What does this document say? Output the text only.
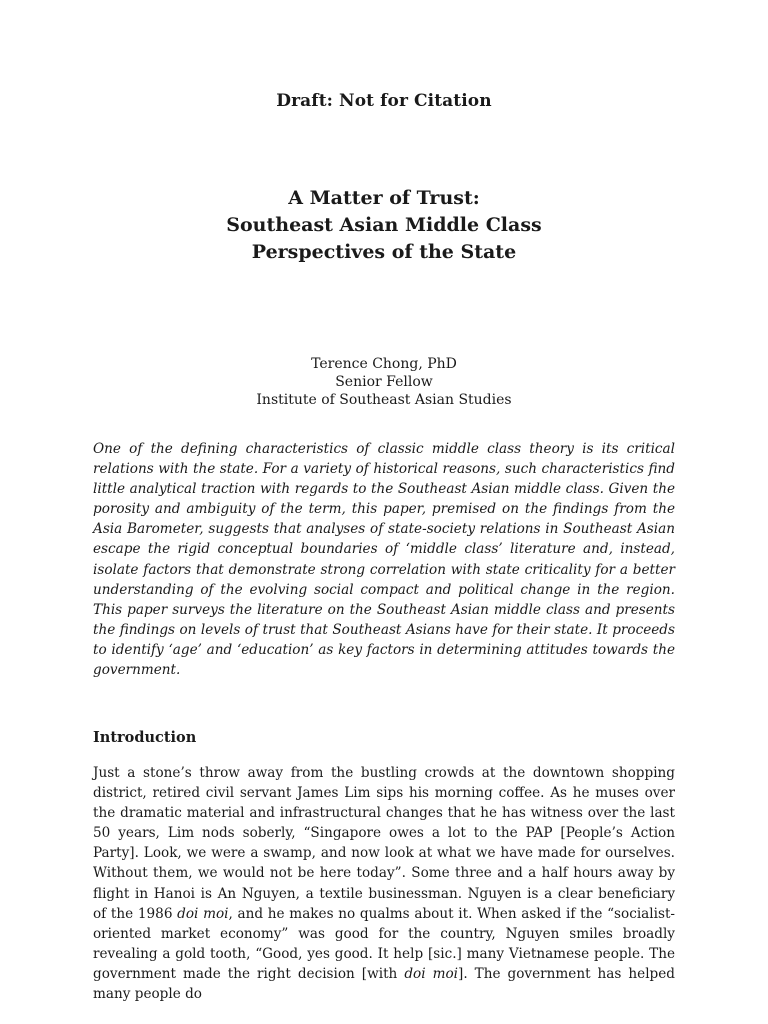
Draft: Not for Citation
A Matter of Trust:
Southeast Asian Middle Class
Perspectives of the State
Terence Chong, PhD
Senior Fellow
Institute of Southeast Asian Studies

One of the defining characteristics of classic middle class theory is its critical relations with the state. For a variety of historical reasons, such characteristics find little analytical traction with regards to the Southeast Asian middle class. Given the porosity and ambiguity of the term, this paper, premised on the findings from the Asia Barometer, suggests that analyses of state-society relations in Southeast Asian escape the rigid conceptual boundaries of ‘middle class’ literature and, instead, isolate factors that demonstrate strong correlation with state criticality for a better understanding of the evolving social compact and political change in the region. This paper surveys the literature on the Southeast Asian middle class and presents the findings on levels of trust that Southeast Asians have for their state. It proceeds to identify ‘age’ and ‘education’ as key factors in determining attitudes towards the government.

Introduction

Just a stone’s throw away from the bustling crowds at the downtown shopping district, retired civil servant James Lim sips his morning coffee. As he muses over the dramatic material and infrastructural changes that he has witness over the last 50 years, Lim nods soberly, “Singapore owes a lot to the PAP [People’s Action Party]. Look, we were a swamp, and now look at what we have made for ourselves. Without them, we would not be here today”. Some three and a half hours away by flight in Hanoi is An Nguyen, a textile businessman. Nguyen is a clear beneficiary of the 1986 doi moi, and he makes no qualms about it. When asked if the “socialist-oriented market economy” was good for the country, Nguyen smiles broadly revealing a gold tooth, “Good, yes good. It help [sic.] many Vietnamese people. The government made the right decision [with doi moi]. The government has helped many people do
